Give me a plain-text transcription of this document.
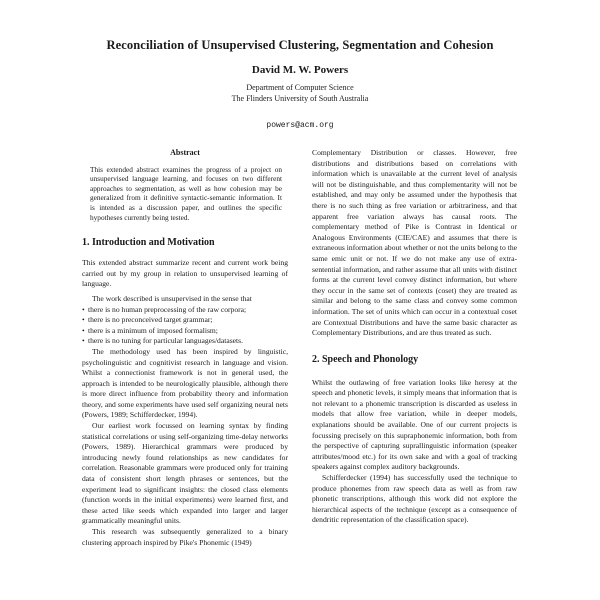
Reconciliation of Unsupervised Clustering, Segmentation and Cohesion
David M. W. Powers
Department of Computer Science
The Flinders University of South Australia
powers@acm.org
Abstract

This extended abstract examines the progress of a project on unsupervised language learning, and focuses on two different approaches to segmentation, as well as how cohesion may be generalized from it definitive syntactic-semantic information. It is intended as a discussion paper, and outlines the specific hypotheses currently being tested.

1. Introduction and Motivation

This extended abstract summarize recent and current work being carried out by my group in relation to unsupervised learning of language.

The work described is unsupervised in the sense that

• there is no human preprocessing of the raw corpora;
• there is no preconceived target grammar;
• there is a minimum of imposed formalism;
• there is no tuning for particular languages/datasets.

The methodology used has been inspired by linguistic, psycholinguistic and cognitivist research in language and vision. Whilst a connectionist framework is not in general used, the approach is intended to be neurologically plausible, although there is more direct influence from probability theory and information theory, and some experiments have used self organizing neural nets (Powers, 1989; Schifferdecker, 1994).

Our earliest work focussed on learning syntax by finding statistical correlations or using self-organizing time-delay networks (Powers, 1989). Hierarchical grammars were produced by introducing newly found relationships as new candidates for correlation. Reasonable grammars were produced only for training data of consistent short length phrases or sentences, but the experiment lead to significant insights: the closed class elements (function words in the initial experiments) were learned first, and these acted like seeds which expanded into larger and larger grammatically meaningful units.

This research was subsequently generalized to a binary clustering approach inspired by Pike's Phonemic (1949)

Complementary Distribution or classes. However, free distributions and distributions based on correlations with information which is unavailable at the current level of analysis will not be distinguishable, and thus complementarity will not be established, and may only be assumed under the hypothesis that there is no such thing as free variation or arbitrariness, and that apparent free variation always has causal roots. The complementary method of Pike is Contrast in Identical or Analogous Environments (CIE/CAE) and assumes that there is extraneous information about whether or not the units belong to the same emic unit or not. If we do not make any use of extra-sentential information, and rather assume that all units with distinct forms at the current level convey distinct information, but where they occur in the same set of contexts (coset) they are treated as similar and belong to the same class and convey some common information. The set of units which can occur in a contextual coset are Contextual Distributions and have the same basic character as Complementary Distributions, and are thus treated as such.

2. Speech and Phonology

Whilst the outlawing of free variation looks like heresy at the speech and phonetic levels, it simply means that information that is not relevant to a phonemic transcription is discarded as useless in models that allow free variation, while in deeper models, explanations should be available. One of our current projects is focussing precisely on this supraphonemic information, both from the perspective of capturing suprallinguistic information (speaker attributes/mood etc.) for its own sake and with a goal of tracking speakers against complex auditory backgrounds.

Schifferdecker (1994) has successfully used the technique to produce phonemes from raw speech data as well as from raw phonetic transcriptions, although this work did not explore the hierarchical aspects of the technique (except as a consequence of dendritic representation of the classification space).
